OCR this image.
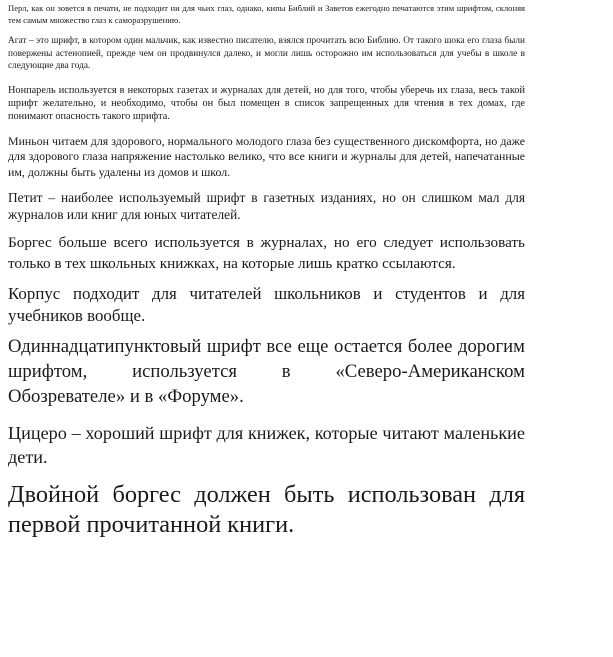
Перл, как он зовется в печати, не подходит ни для чьих глаз, однако, кипы Библий и Заветов ежегодно печатаются этим шрифтом, склоняя тем самым множество глаз к саморазрушению.

Агат – это шрифт, в котором один мальчик, как известно писателю, взялся прочитать всю Библию. От такого шока его глаза были повержены астенопией, прежде чем он продвинулся далеко, и могли лишь осторожно им использоваться для учебы в школе в следующие два года.

Нонпарель используется в некоторых газетах и журналах для детей, но для того, чтобы уберечь их глаза, весь такой шрифт желательно, и необходимо, чтобы он был помещен в список запрещенных для чтения в тех домах, где понимают опасность такого шрифта.

Миньон читаем для здорового, нормального молодого глаза без существенного дискомфорта, но даже для здорового глаза напряжение настолько велико, что все книги и журналы для детей, напечатанные им, должны быть удалены из домов и школ.

Петит – наиболее используемый шрифт в газетных изданиях, но он слишком мал для журналов или книг для юных читателей.

Боргес больше всего используется в журналах, но его следует использовать только в тех школьных книжках, на которые лишь кратко ссылаются.

Корпус подходит для читателей школьников и студентов и для учебников вообще.

Одиннадцатипунктовый шрифт все еще остается более дорогим шрифтом, используется в «Северо-Американском Обозревателе» и в «Форуме».

Цицеро – хороший шрифт для книжек, которые читают маленькие дети.

Двойной боргес должен быть использован для первой прочитанной книги.
